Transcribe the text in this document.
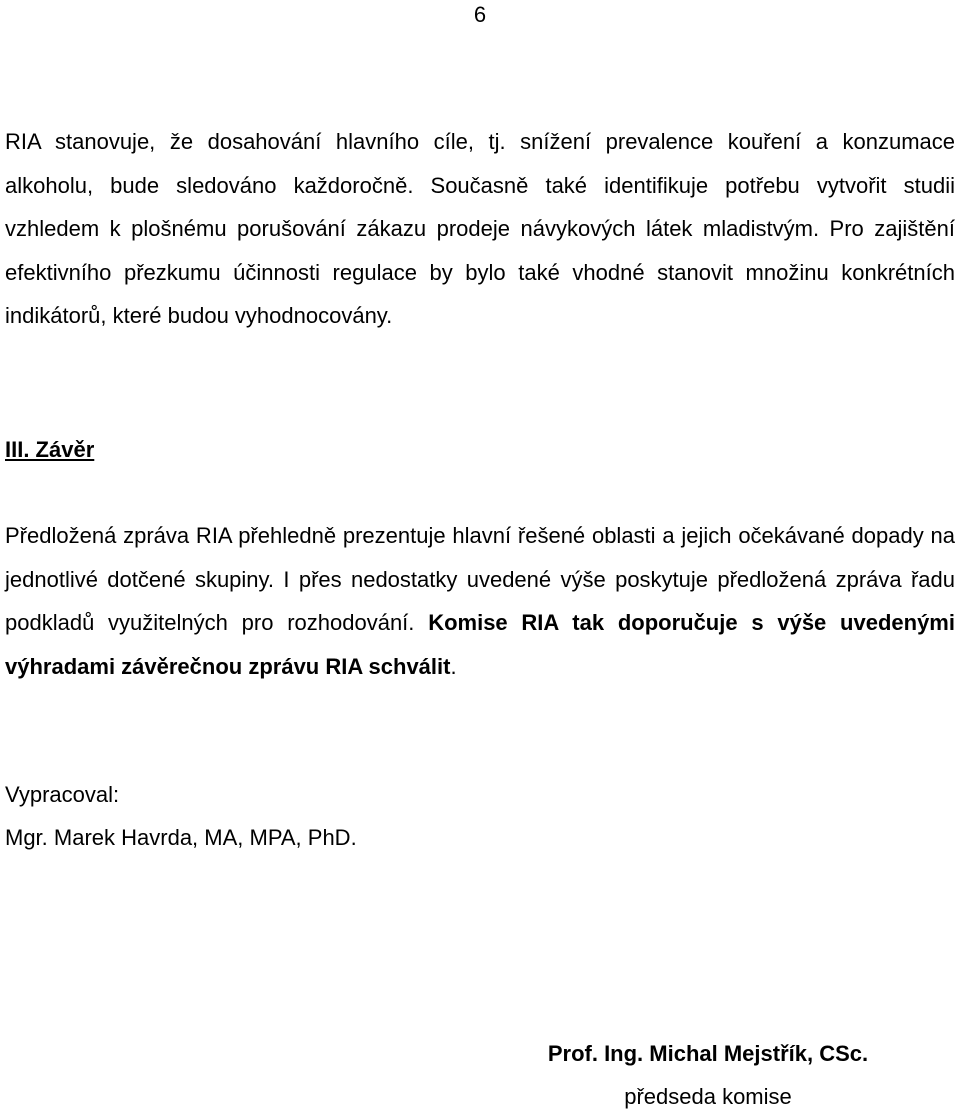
6

RIA stanovuje, že dosahování hlavního cíle, tj. snížení prevalence kouření a konzumace alkoholu, bude sledováno každoročně. Současně také identifikuje potřebu vytvořit studii vzhledem k plošnému porušování zákazu prodeje návykových látek mladistvým. Pro zajištění efektivního přezkumu účinnosti regulace by bylo také vhodné stanovit množinu konkrétních indikátorů, které budou vyhodnocovány.

III. Závěr

Předložená zpráva RIA přehledně prezentuje hlavní řešené oblasti a jejich očekávané dopady na jednotlivé dotčené skupiny. I přes nedostatky uvedené výše poskytuje předložená zpráva řadu podkladů využitelných pro rozhodování. Komise RIA tak doporučuje s výše uvedenými výhradami závěrečnou zprávu RIA schválit.

Vypracoval:
Mgr. Marek Havrda, MA, MPA, PhD.
Prof. Ing. Michal Mejstřík, CSc.
předseda komise
